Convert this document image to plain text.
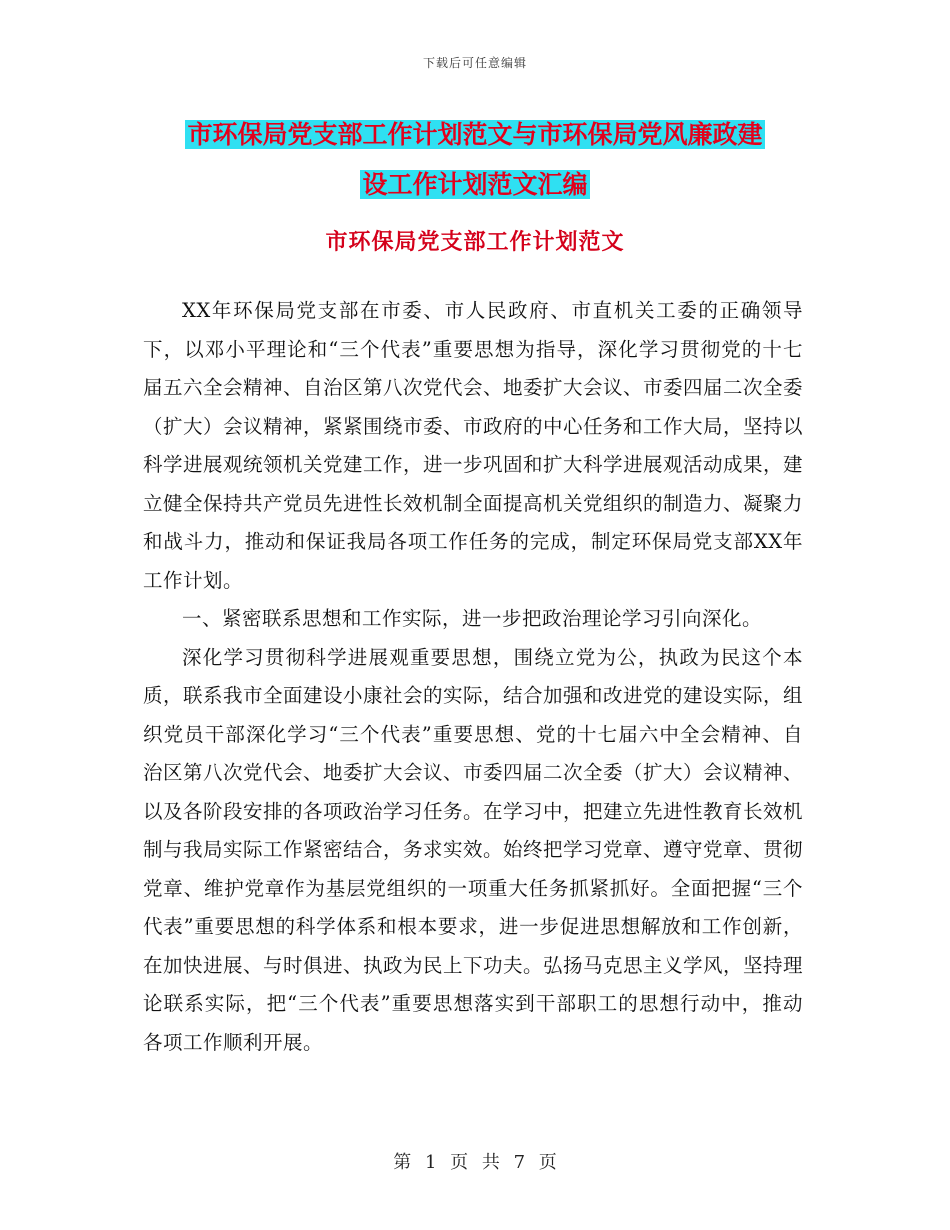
下载后可任意编辑
市环保局党支部工作计划范文与市环保局党风廉政建
设工作计划范文汇编
市环保局党支部工作计划范文

XX年环保局党支部在市委、市人民政府、市直机关工委的正确领导下，以邓小平理论和“三个代表”重要思想为指导，深化学习贯彻党的十七届五六全会精神、自治区第八次党代会、地委扩大会议、市委四届二次全委（扩大）会议精神，紧紧围绕市委、市政府的中心任务和工作大局，坚持以科学进展观统领机关党建工作，进一步巩固和扩大科学进展观活动成果，建立健全保持共产党员先进性长效机制全面提高机关党组织的制造力、凝聚力和战斗力，推动和保证我局各项工作任务的完成，制定环保局党支部XX年工作计划。

一、紧密联系思想和工作实际，进一步把政治理论学习引向深化。

深化学习贯彻科学进展观重要思想，围绕立党为公，执政为民这个本质，联系我市全面建设小康社会的实际，结合加强和改进党的建设实际，组织党员干部深化学习“三个代表”重要思想、党的十七届六中全会精神、自治区第八次党代会、地委扩大会议、市委四届二次全委（扩大）会议精神、以及各阶段安排的各项政治学习任务。在学习中，把建立先进性教育长效机制与我局实际工作紧密结合，务求实效。始终把学习党章、遵守党章、贯彻党章、维护党章作为基层党组织的一项重大任务抓紧抓好。全面把握“三个代表”重要思想的科学体系和根本要求，进一步促进思想解放和工作创新，在加快进展、与时俱进、执政为民上下功夫。弘扬马克思主义学风，坚持理论联系实际，把“三个代表”重要思想落实到干部职工的思想行动中，推动各项工作顺利开展。

第 1 页 共 7 页
